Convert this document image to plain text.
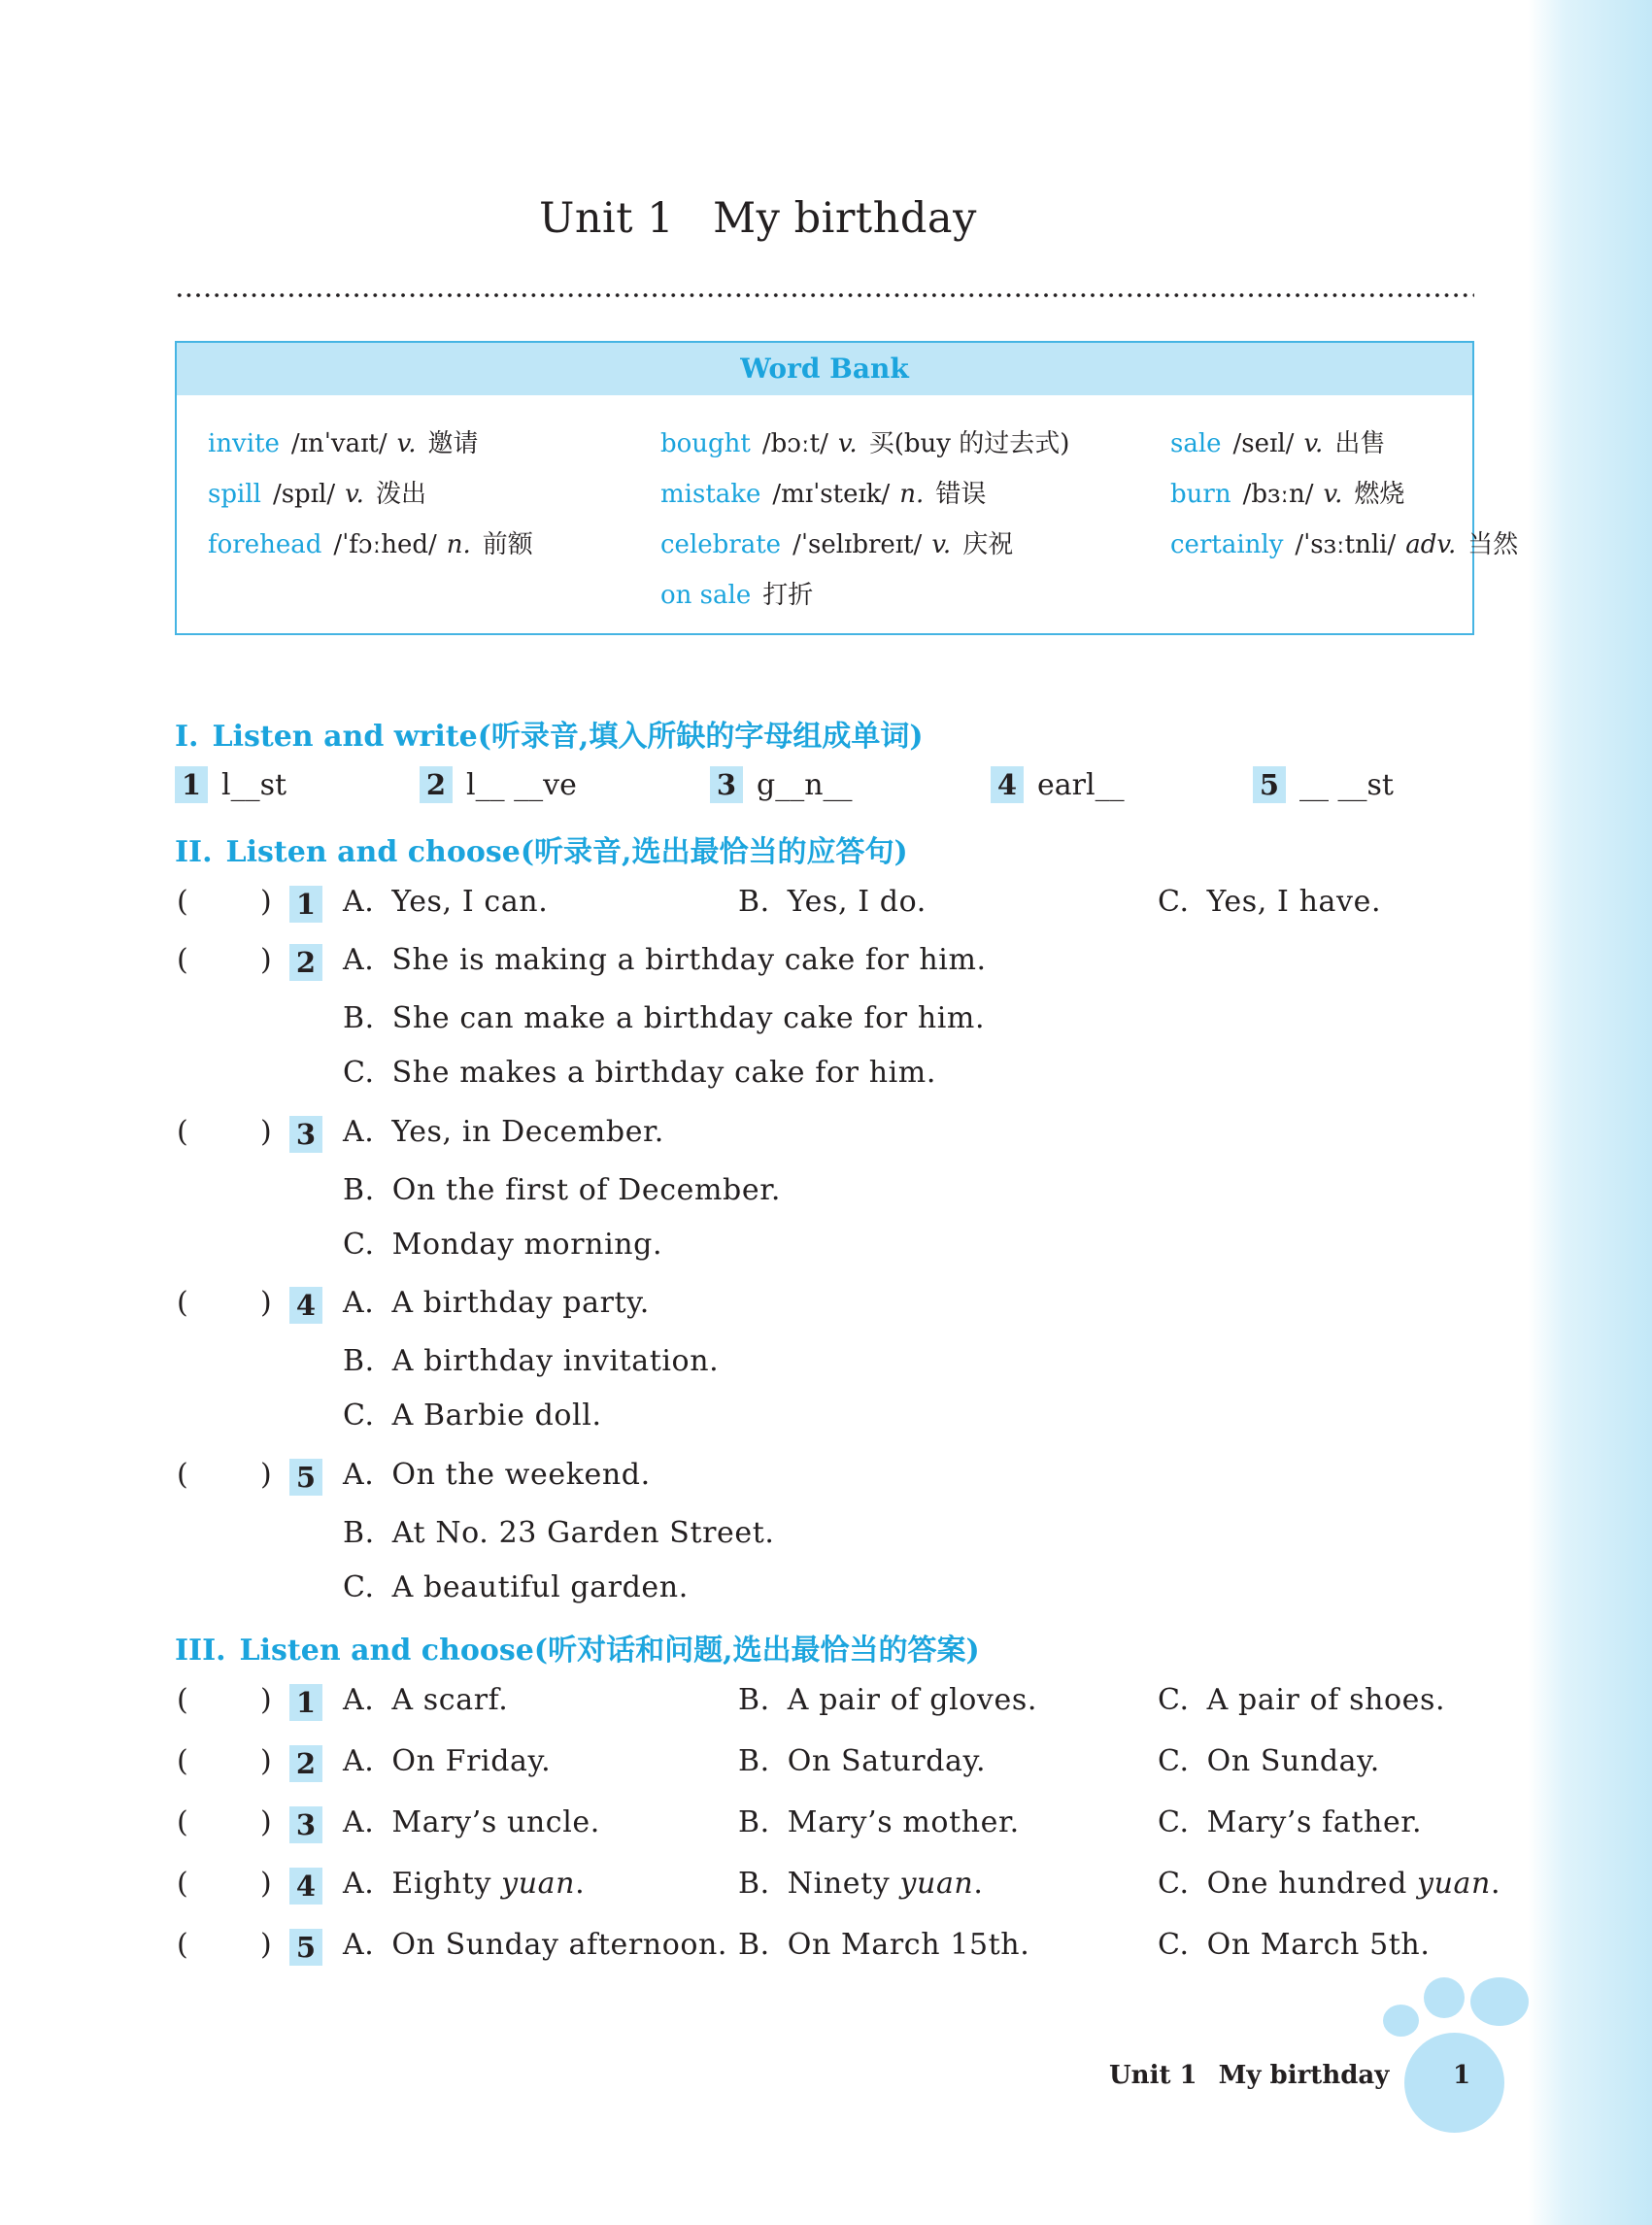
Unit 1 My birthday
Word Bank
invite /ɪnˈvaɪt/ v. 邀请	bought /bɔːt/ v. 买(buy 的过去式)	sale /seɪl/ v. 出售
spill /spɪl/ v. 泼出	mistake /mɪˈsteɪk/ n. 错误	burn /bɜːn/ v. 燃烧
forehead /ˈfɔːhed/ n. 前额	celebrate /ˈselɪbreɪt/ v. 庆祝	certainly /ˈsɜːtnli/ adv. 当然
on sale 打折
I. Listen and write(听录音,填入所缺的字母组成单词)
1 l__st	2 l__ __ve	3 g__n__	4 earl__	5 __ __st
II. Listen and choose(听录音,选出最恰当的应答句)
( ) 1 A. Yes, I can.	B. Yes, I do.	C. Yes, I have.
( ) 2 A. She is making a birthday cake for him.
B. She can make a birthday cake for him.
C. She makes a birthday cake for him.
( ) 3 A. Yes, in December.
B. On the first of December.
C. Monday morning.
( ) 4 A. A birthday party.
B. A birthday invitation.
C. A Barbie doll.
( ) 5 A. On the weekend.
B. At No. 23 Garden Street.
C. A beautiful garden.
III. Listen and choose(听对话和问题,选出最恰当的答案)
( ) 1 A. A scarf.	B. A pair of gloves.	C. A pair of shoes.
( ) 2 A. On Friday.	B. On Saturday.	C. On Sunday.
( ) 3 A. Mary’s uncle.	B. Mary’s mother.	C. Mary’s father.
( ) 4 A. Eighty yuan.	B. Ninety yuan.	C. One hundred yuan.
( ) 5 A. On Sunday afternoon. B. On March 15th.	C. On March 5th.
Unit 1 My birthday	1
